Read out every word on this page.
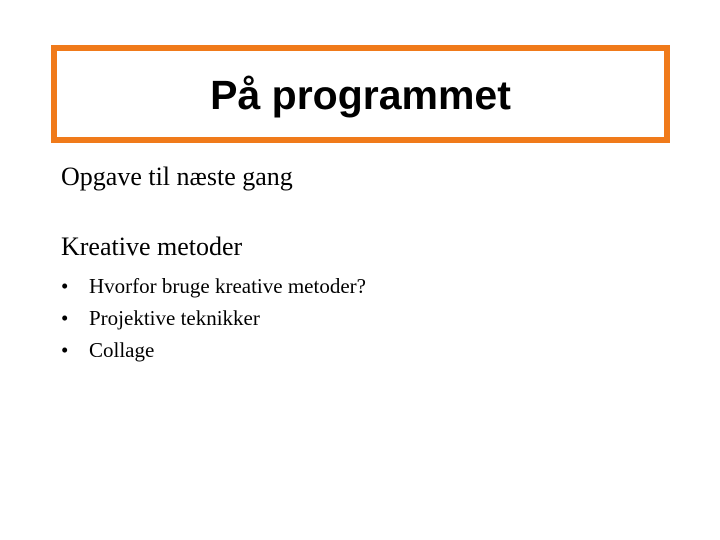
På programmet
Opgave til næste gang
Kreative metoder
• Hvorfor bruge kreative metoder?
• Projektive teknikker
• Collage
